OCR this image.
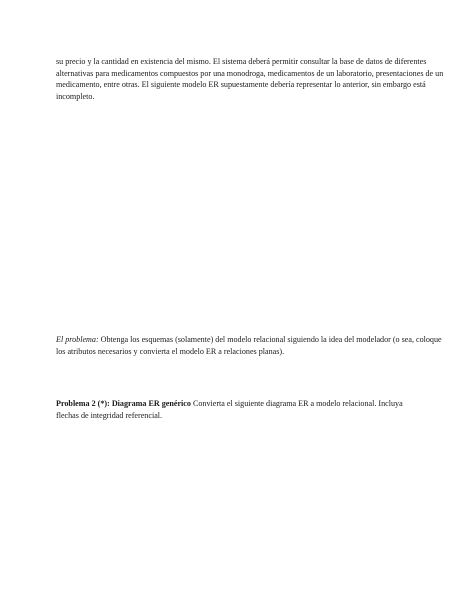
su precio y la cantidad en existencia del mismo. El sistema deberá permitir consultar la base de datos de diferentes
alternativas para medicamentos compuestos por una monodroga, medicamentos de un laboratorio, presentaciones de un
medicamento, entre otras. El siguiente modelo ER supuestamente debería representar lo anterior, sin embargo está
incompleto.

El problema: Obtenga los esquemas (solamente) del modelo relacional siguiendo la idea del modelador (o sea, coloque
los atributos necesarios y convierta el modelo ER a relaciones planas).

Problema 2 (*): Diagrama ER genérico Convierta el siguiente diagrama ER a modelo relacional. Incluya
flechas de integridad referencial.
